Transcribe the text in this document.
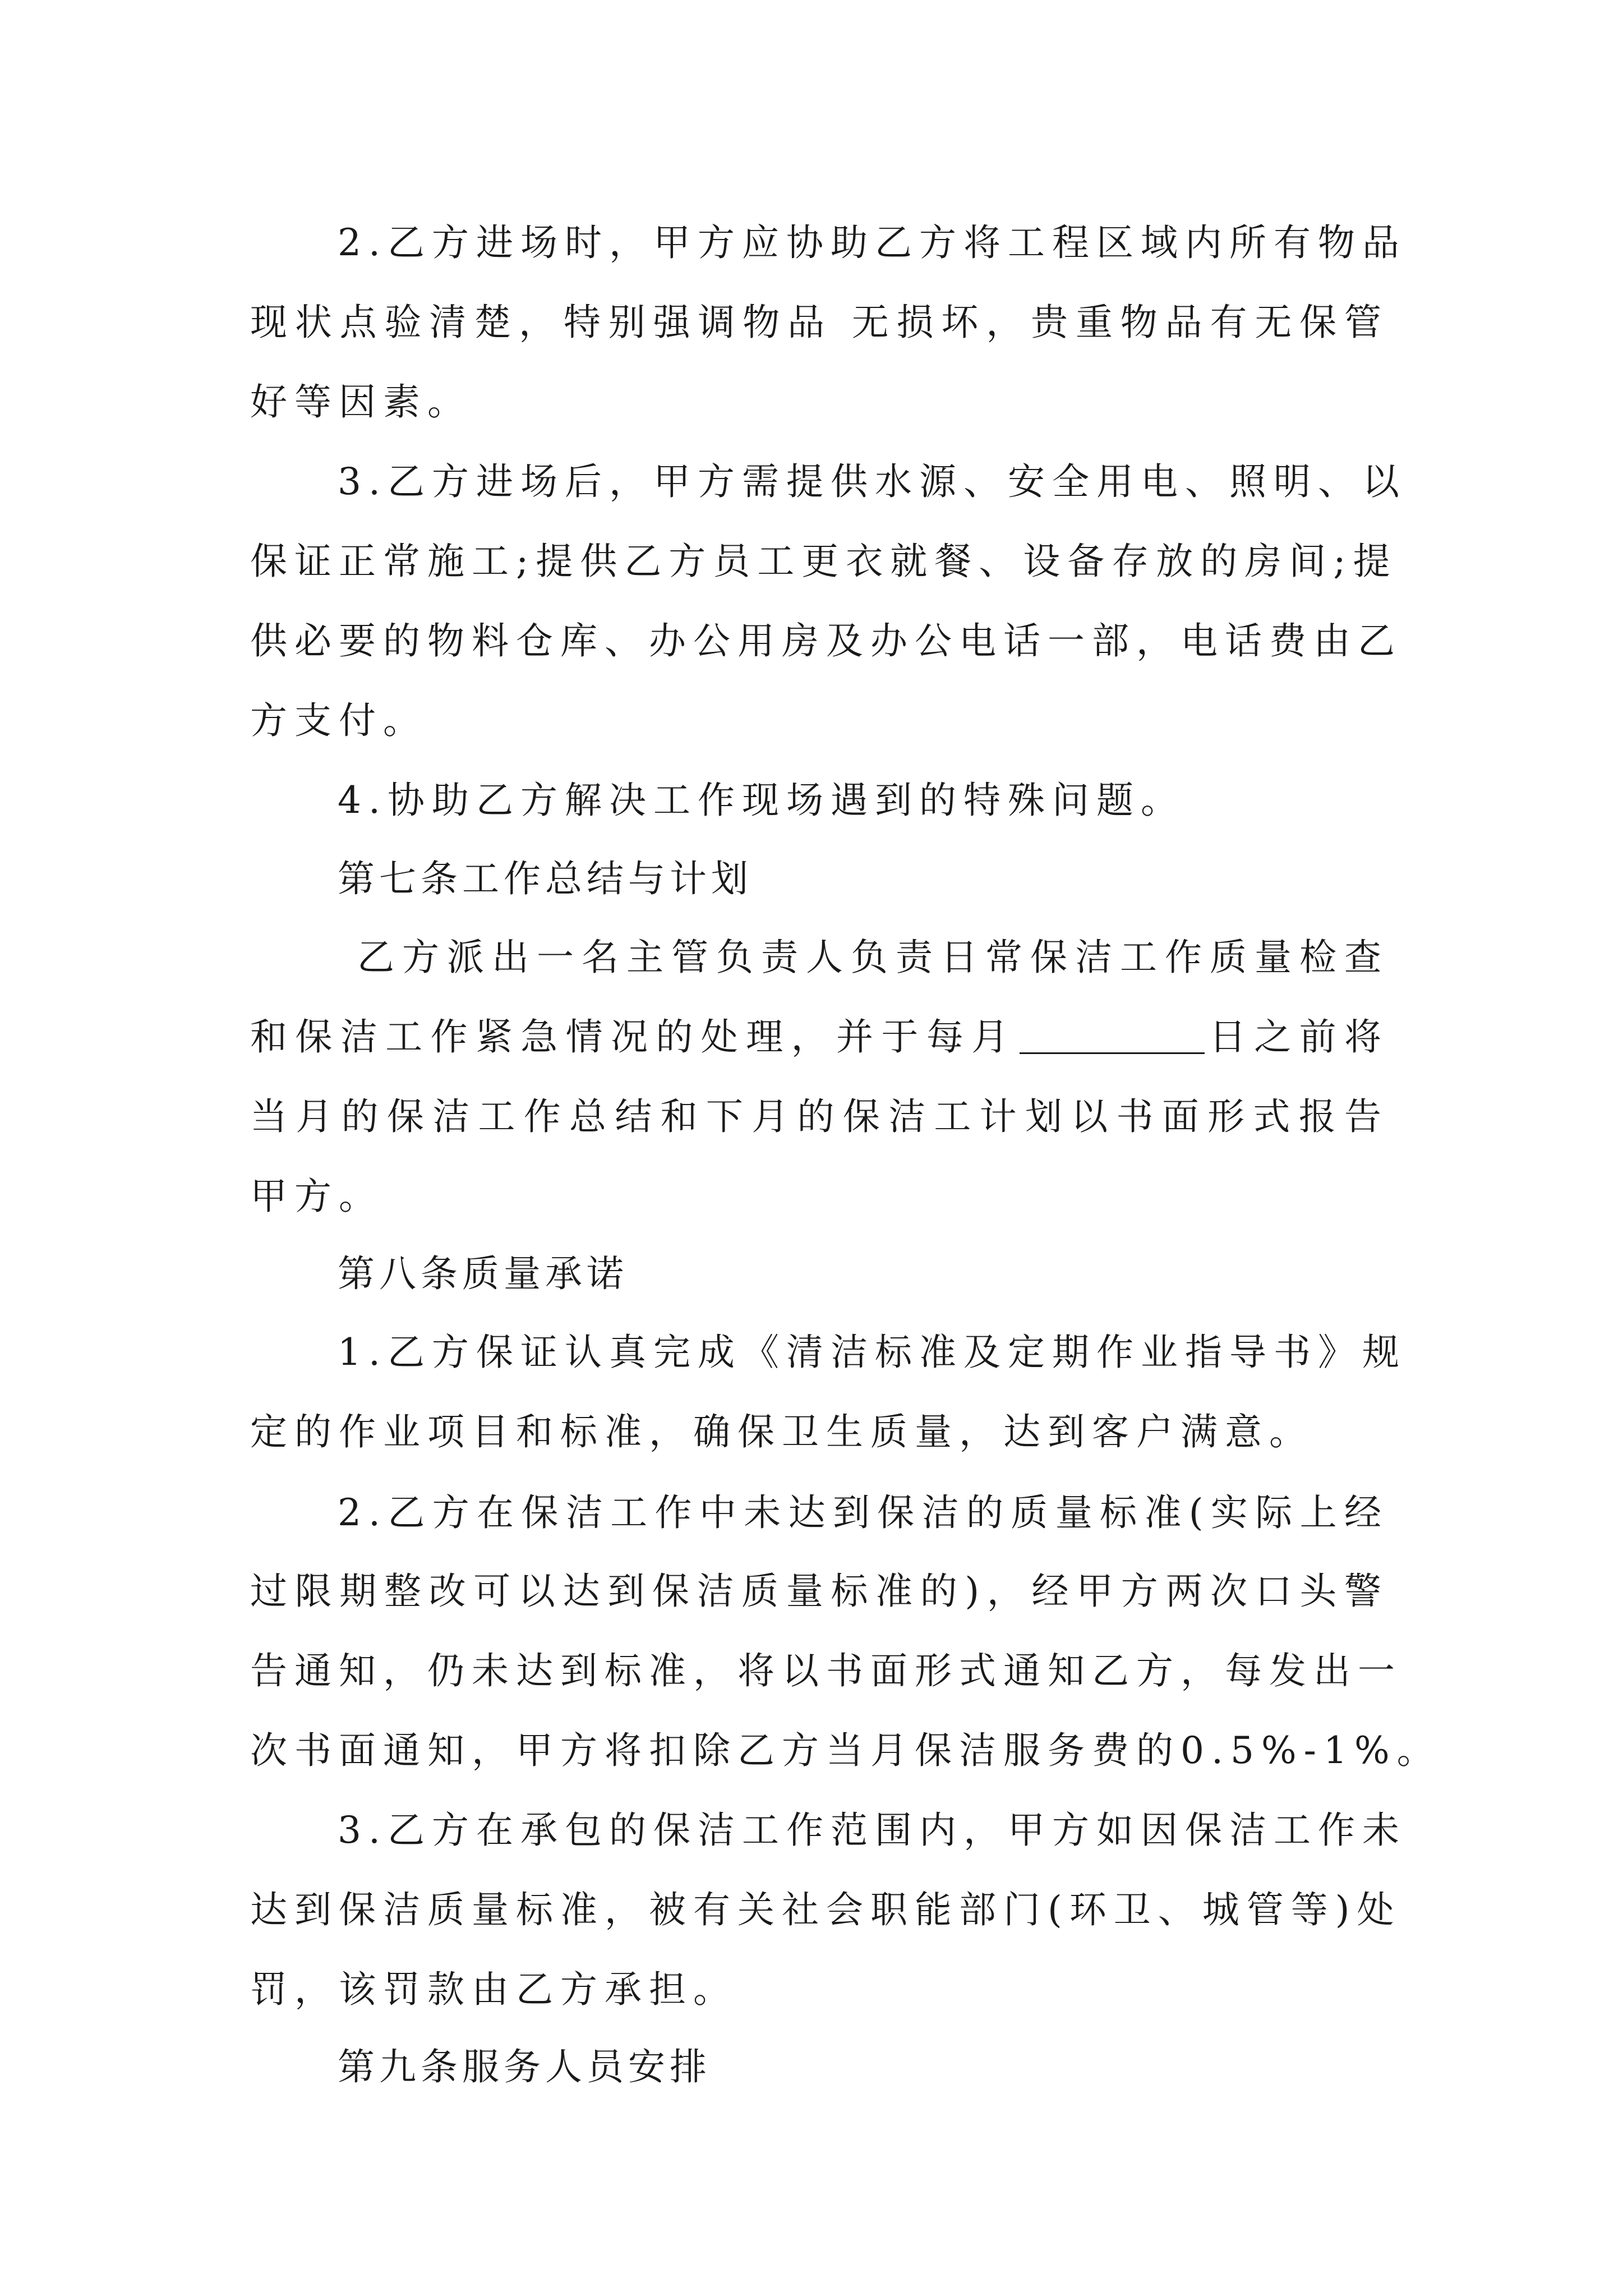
2.乙方进场时，甲方应协助乙方将工程区域内所有物品

现状点验清楚，特别强调物品 无损坏，贵重物品有无保管

好等因素。

3.乙方进场后，甲方需提供水源、安全用电、照明、以

保证正常施工;提供乙方员工更衣就餐、设备存放的房间;提

供必要的物料仓库、办公用房及办公电话一部，电话费由乙

方支付。

4.协助乙方解决工作现场遇到的特殊问题。

第七条工作总结与计划

乙方派出一名主管负责人负责日常保洁工作质量检查

和保洁工作紧急情况的处理，并于每月	日之前将

当月的保洁工作总结和下月的保洁工计划以书面形式报告

甲方。

第八条质量承诺

1.乙方保证认真完成《清洁标准及定期作业指导书》规

定的作业项目和标准，确保卫生质量，达到客户满意。

2.乙方在保洁工作中未达到保洁的质量标准(实际上经

过限期整改可以达到保洁质量标准的)，经甲方两次口头警

告通知，仍未达到标准，将以书面形式通知乙方，每发出一

次书面通知，甲方将扣除乙方当月保洁服务费的0.5%-1%。

3.乙方在承包的保洁工作范围内，甲方如因保洁工作未

达到保洁质量标准，被有关社会职能部门(环卫、城管等)处

罚，该罚款由乙方承担。

第九条服务人员安排
